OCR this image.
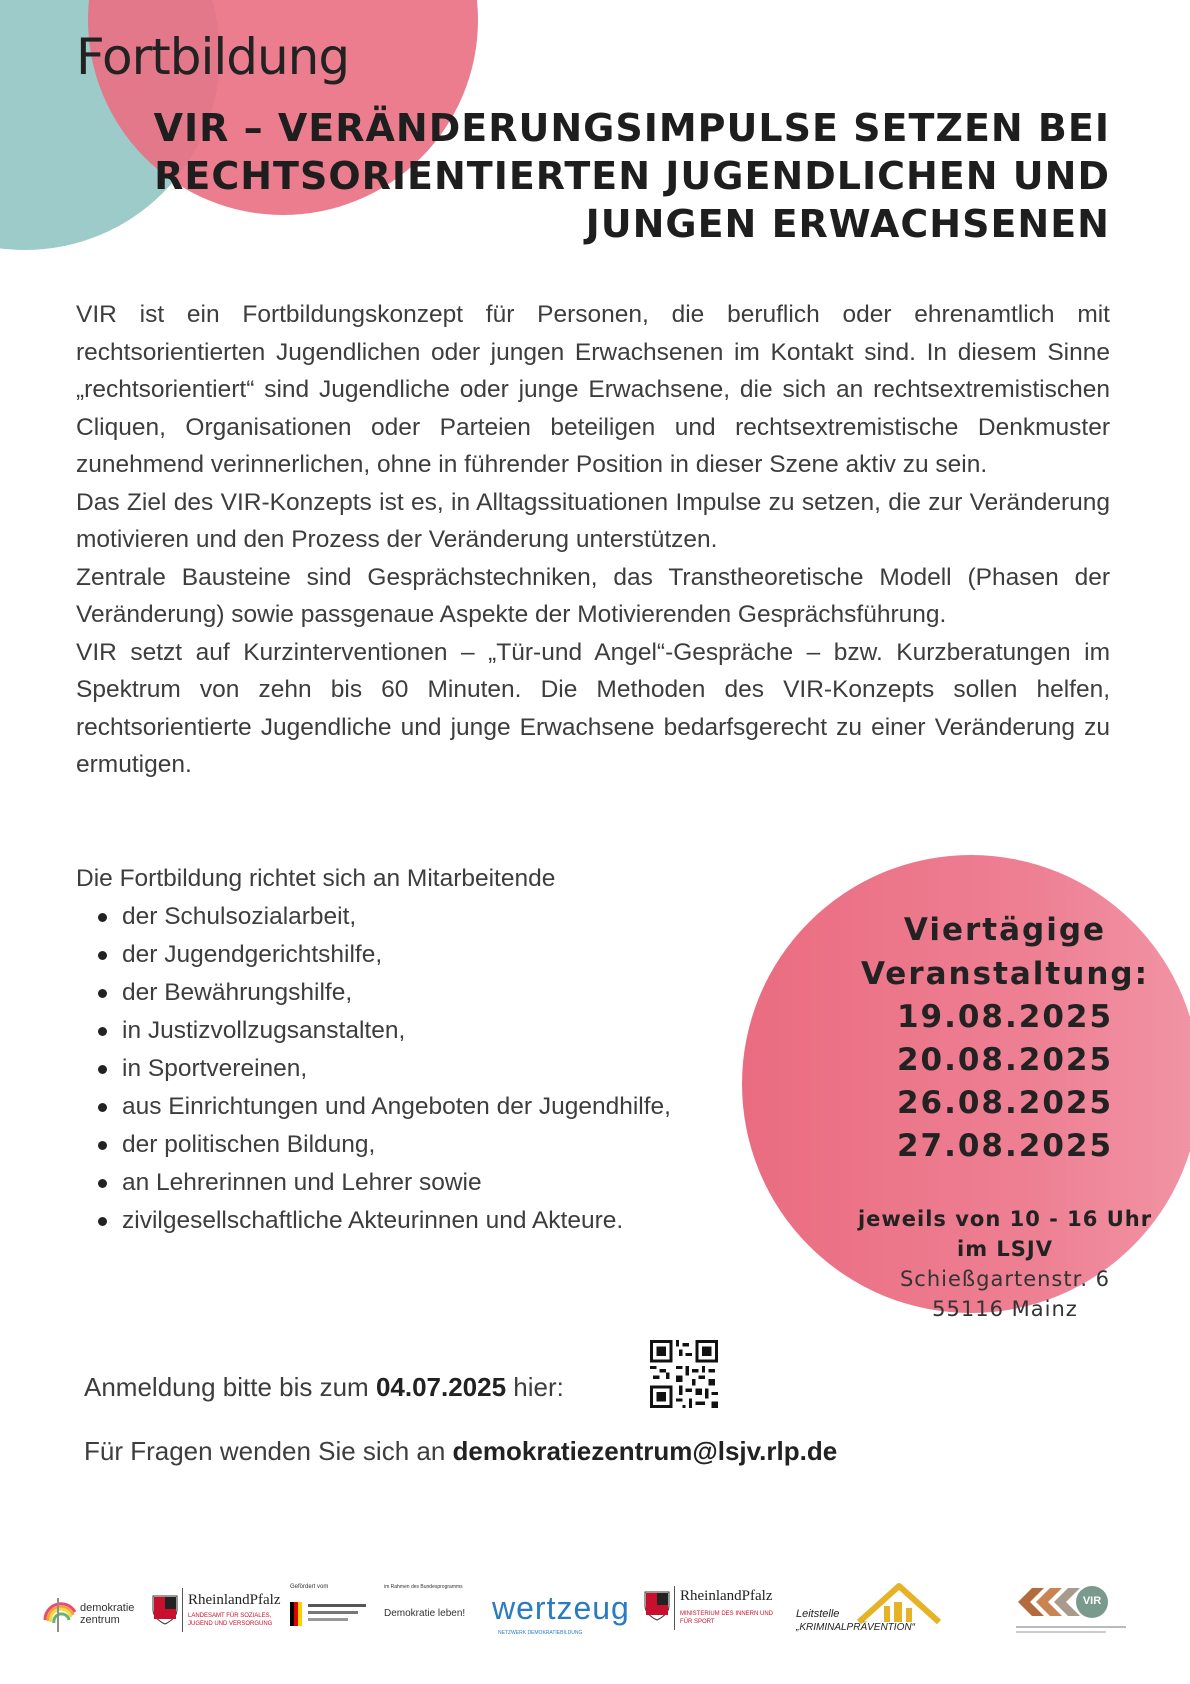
Fortbildung
VIR – VERÄNDERUNGSIMPULSE SETZEN BEI
RECHTSORIENTIERTEN JUGENDLICHEN UND
JUNGEN ERWACHSENEN

VIR ist ein Fortbildungskonzept für Personen, die beruflich oder ehrenamtlich mit rechtsorientierten Jugendlichen oder jungen Erwachsenen im Kontakt sind. In diesem Sinne „rechtsorientiert“ sind Jugendliche oder junge Erwachsene, die sich an rechtsextremistischen Cliquen, Organisationen oder Parteien beteiligen und rechtsextremistische Denkmuster zunehmend verinnerlichen, ohne in führender Position in dieser Szene aktiv zu sein.

Das Ziel des VIR-Konzepts ist es, in Alltagssituationen Impulse zu setzen, die zur Veränderung motivieren und den Prozess der Veränderung unterstützen.

Zentrale Bausteine sind Gesprächstechniken, das Transtheoretische Modell (Phasen der Veränderung) sowie passgenaue Aspekte der Motivierenden Gesprächsführung.

VIR setzt auf Kurzinterventionen – „Tür-und Angel“-Gespräche – bzw. Kurzberatungen im Spektrum von zehn bis 60 Minuten. Die Methoden des VIR-Konzepts sollen helfen, rechtsorientierte Jugendliche und junge Erwachsene bedarfsgerecht zu einer Veränderung zu ermutigen.

Die Fortbildung richtet sich an Mitarbeitende
der Schulsozialarbeit,
der Jugendgerichtshilfe,
der Bewährungshilfe,
in Justizvollzugsanstalten,
in Sportvereinen,
aus Einrichtungen und Angeboten der Jugendhilfe,
der politischen Bildung,
an Lehrerinnen und Lehrer sowie
zivilgesellschaftliche Akteurinnen und Akteure.
Viertägige
Veranstaltung:
19.08.2025
20.08.2025
26.08.2025
27.08.2025
jeweils von 10 - 16 Uhr
im LSJV
Schießgartenstr. 6
55116 Mainz
Anmeldung bitte bis zum 04.07.2025 hier:
Für Fragen wenden Sie sich an demokratiezentrum@lsjv.rlp.de
demokratie zentrum
RheinlandPfalz
LANDESAMT FÜR SOZIALES, JUGEND UND VERSORGUNG
Gefördert vom	im Rahmen des Bundesprogramms
Demokratie leben! wertzeug
NETZWERK DEMOKRATIEBILDUNG
RheinlandPfalz
MINISTERIUM DES INNERN UND FÜR SPORT
Leitstelle
„KRIMINALPRÄVENTION“
VIR
